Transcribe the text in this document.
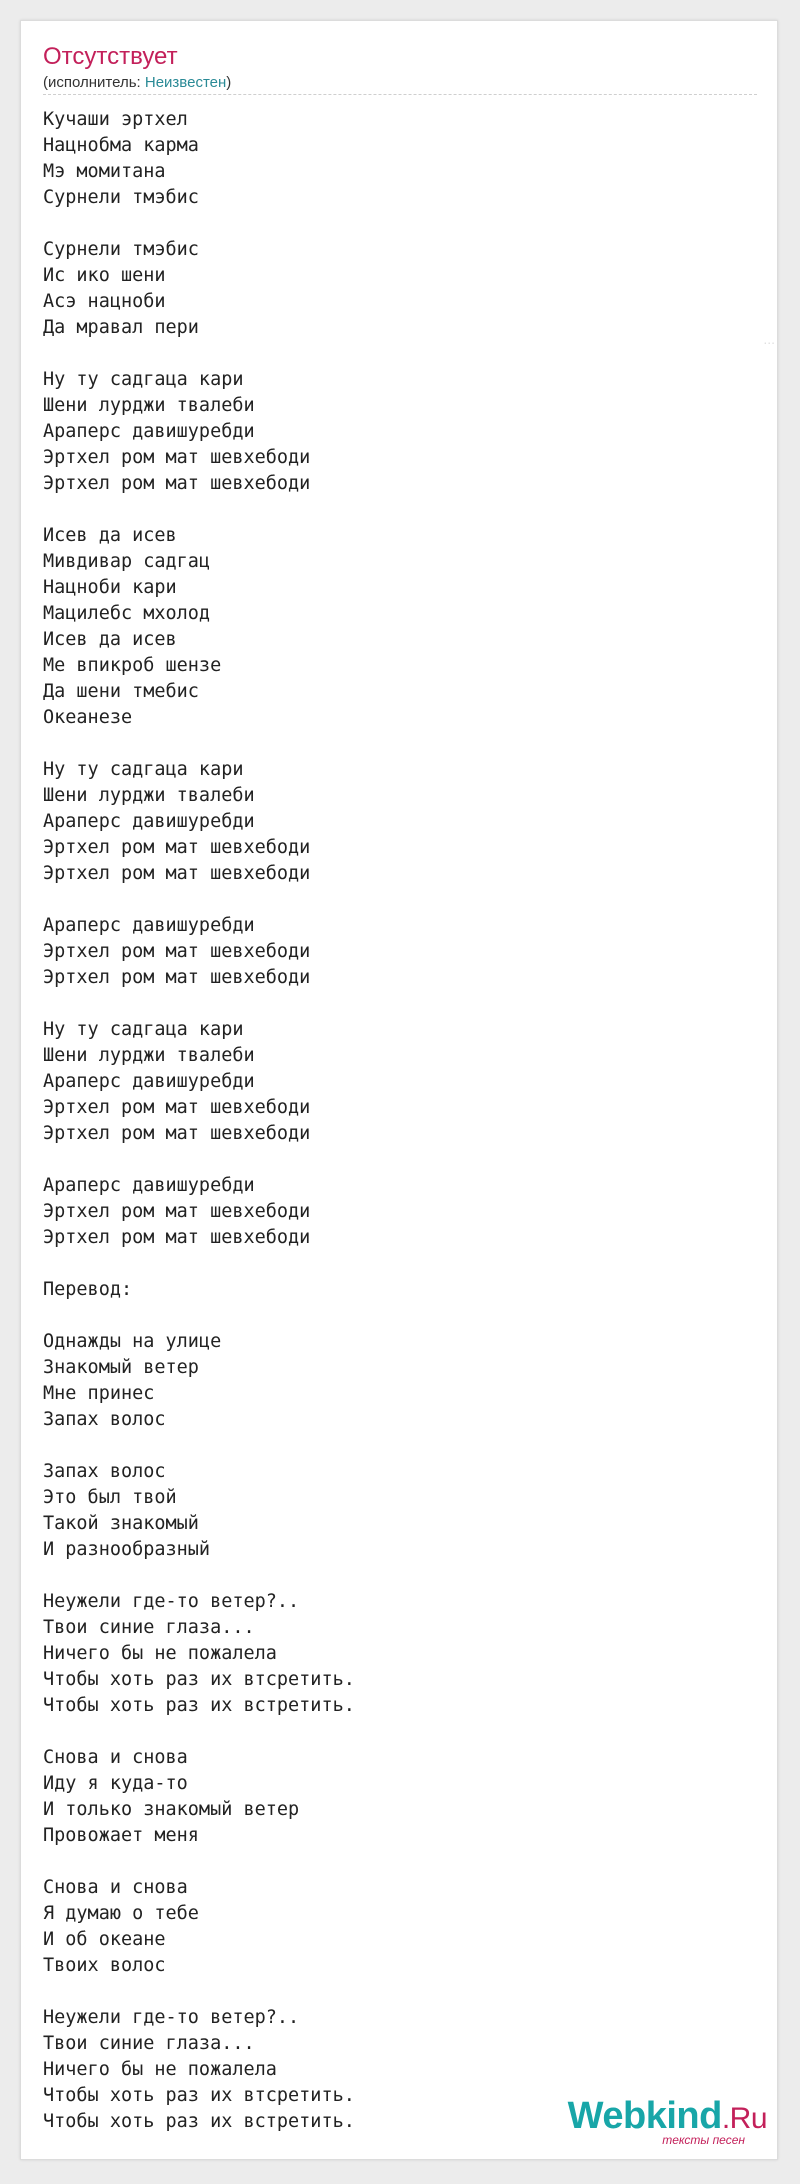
Отсутствует
(исполнитель: Неизвестен)
Кучаши эртхел
Нацнобма карма
Мэ момитана
Сурнели тмэбис

Сурнели тмэбис
Ис ико шени
Асэ нацноби
Да мравал пери

Ну ту садгаца кари
Шени лурджи твалеби
Араперс давишуребди
Эртхел ром мат шевхебоди
Эртхел ром мат шевхебоди

Исев да исев
Мивдивар садгац
Нацноби кари
Мацилебс мхолод
Исев да исев
Ме впикроб шензе
Да шени тмебис
Океанезе

Ну ту садгаца кари
Шени лурджи твалеби
Араперс давишуребди
Эртхел ром мат шевхебоди
Эртхел ром мат шевхебоди

Араперс давишуребди
Эртхел ром мат шевхебоди
Эртхел ром мат шевхебоди

Ну ту садгаца кари
Шени лурджи твалеби
Араперс давишуребди
Эртхел ром мат шевхебоди
Эртхел ром мат шевхебоди

Араперс давишуребди
Эртхел ром мат шевхебоди
Эртхел ром мат шевхебоди

Перевод:

Однажды на улице
Знакомый ветер
Мне принес
Запах волос

Запах волос
Это был твой
Такой знакомый
И разнообразный

Неужели где-то ветер?..
Твои синие глаза...
Ничего бы не пожалела
Чтобы хоть раз их втсретить.
Чтобы хоть раз их встретить.

Снова и снова
Иду я куда-то
И только знакомый ветер
Провожает меня

Снова и снова
Я думаю о тебе
И об океане
Твоих волос

Неужели где-то ветер?..
Твои синие глаза...
Ничего бы не пожалела
Чтобы хоть раз их втсретить.
Чтобы хоть раз их встретить.	Webkind.Ru
тексты песен
...
